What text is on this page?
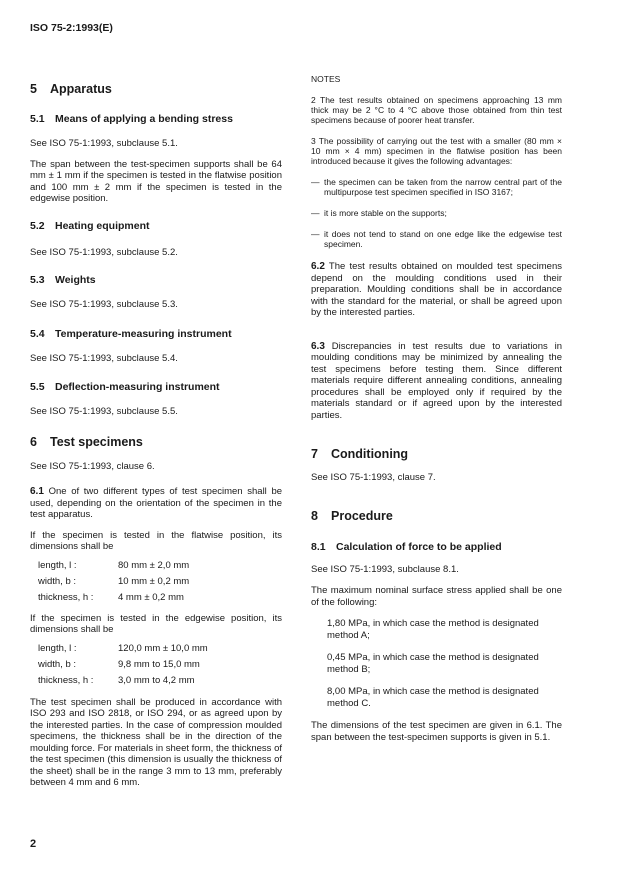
ISO 75-2:1993(E)
5 Apparatus
5.1 Means of applying a bending stress
See ISO 75-1:1993, subclause 5.1.
The span between the test-specimen supports shall be 64 mm ± 1 mm if the specimen is tested in the flatwise position and 100 mm ± 2 mm if the specimen is tested in the edgewise position.
5.2 Heating equipment
See ISO 75-1:1993, subclause 5.2.
5.3 Weights
See ISO 75-1:1993, subclause 5.3.
5.4 Temperature-measuring instrument
See ISO 75-1:1993, subclause 5.4.
5.5 Deflection-measuring instrument
See ISO 75-1:1993, subclause 5.5.
6 Test specimens
See ISO 75-1:1993, clause 6.
6.1 One of two different types of test specimen shall be used, depending on the orientation of the specimen in the test apparatus.
If the specimen is tested in the flatwise position, its dimensions shall be
length, l :	80 mm ± 2,0 mm
width, b :	10 mm ± 0,2 mm
thickness, h :	4 mm ± 0,2 mm
If the specimen is tested in the edgewise position, its dimensions shall be
length, l :	120,0 mm ± 10,0 mm
width, b :	9,8 mm to 15,0 mm
thickness, h :	3,0 mm to 4,2 mm
The test specimen shall be produced in accordance with ISO 293 and ISO 2818, or ISO 294, or as agreed upon by the interested parties. In the case of compression moulded specimens, the thickness shall be in the direction of the moulding force. For materials in sheet form, the thickness of the test specimen (this dimension is usually the thickness of the sheet) shall be in the range 3 mm to 13 mm, preferably between 4 mm and 6 mm.
NOTES
2 The test results obtained on specimens approaching 13 mm thick may be 2 °C to 4 °C above those obtained from thin test specimens because of poorer heat transfer.
3 The possibility of carrying out the test with a smaller (80 mm × 10 mm × 4 mm) specimen in the flatwise position has been introduced because it gives the following advantages:
— the specimen can be taken from the narrow central part of the multipurpose test specimen specified in ISO 3167;
— it is more stable on the supports;
— it does not tend to stand on one edge like the edgewise test specimen.
6.2 The test results obtained on moulded test specimens depend on the moulding conditions used in their preparation. Moulding conditions shall be in accordance with the standard for the material, or shall be agreed upon by the interested parties.
6.3 Discrepancies in test results due to variations in moulding conditions may be minimized by annealing the test specimens before testing them. Since different materials require different annealing conditions, annealing procedures shall be employed only if required by the materials standard or if agreed upon by the interested parties.
7 Conditioning
See ISO 75-1:1993, clause 7.
8 Procedure
8.1 Calculation of force to be applied
See ISO 75-1:1993, subclause 8.1.
The maximum nominal surface stress applied shall be one of the following:
1,80 MPa, in which case the method is designated method A;
0,45 MPa, in which case the method is designated method B;
8,00 MPa, in which case the method is designated method C.
The dimensions of the test specimen are given in 6.1. The span between the test-specimen supports is given in 5.1.
2
